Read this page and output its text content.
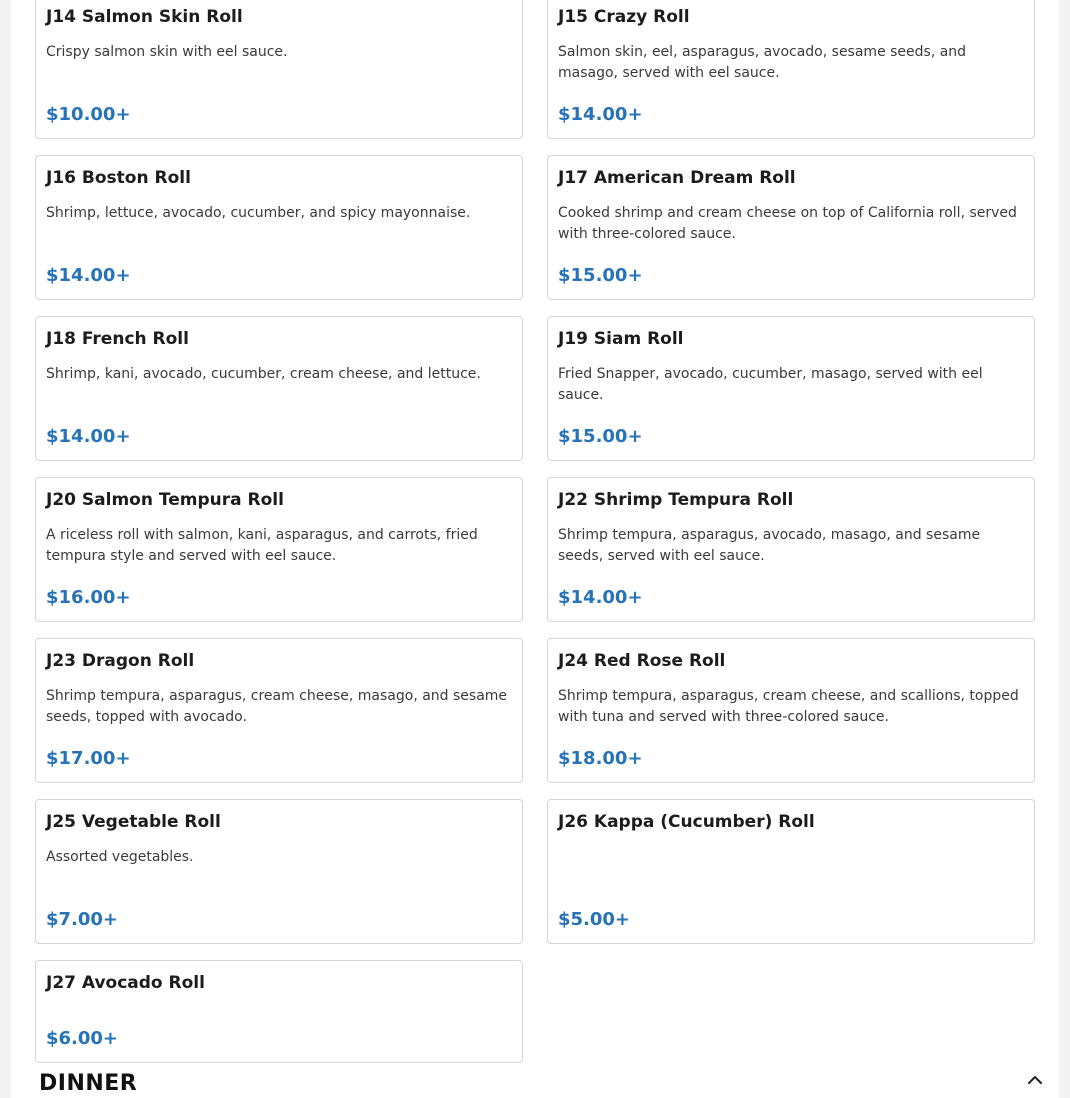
J14 Salmon Skin Roll
Crispy salmon skin with eel sauce.
$10.00+
J15 Crazy Roll
Salmon skin, eel, asparagus, avocado, sesame seeds, and masago, served with eel sauce.
$14.00+
J16 Boston Roll
Shrimp, lettuce, avocado, cucumber, and spicy mayonnaise.
$14.00+
J17 American Dream Roll
Cooked shrimp and cream cheese on top of California roll, served with three-colored sauce.
$15.00+
J18 French Roll
Shrimp, kani, avocado, cucumber, cream cheese, and lettuce.
$14.00+
J19 Siam Roll
Fried Snapper, avocado, cucumber, masago, served with eel sauce.
$15.00+
J20 Salmon Tempura Roll
A riceless roll with salmon, kani, asparagus, and carrots, fried tempura style and served with eel sauce.
$16.00+
J22 Shrimp Tempura Roll
Shrimp tempura, asparagus, avocado, masago, and sesame seeds, served with eel sauce.
$14.00+
J23 Dragon Roll
Shrimp tempura, asparagus, cream cheese, masago, and sesame seeds, topped with avocado.
$17.00+
J24 Red Rose Roll
Shrimp tempura, asparagus, cream cheese, and scallions, topped with tuna and served with three-colored sauce.
$18.00+
J25 Vegetable Roll
Assorted vegetables.
$7.00+
J26 Kappa (Cucumber) Roll
$5.00+
J27 Avocado Roll
$6.00+
DINNER
